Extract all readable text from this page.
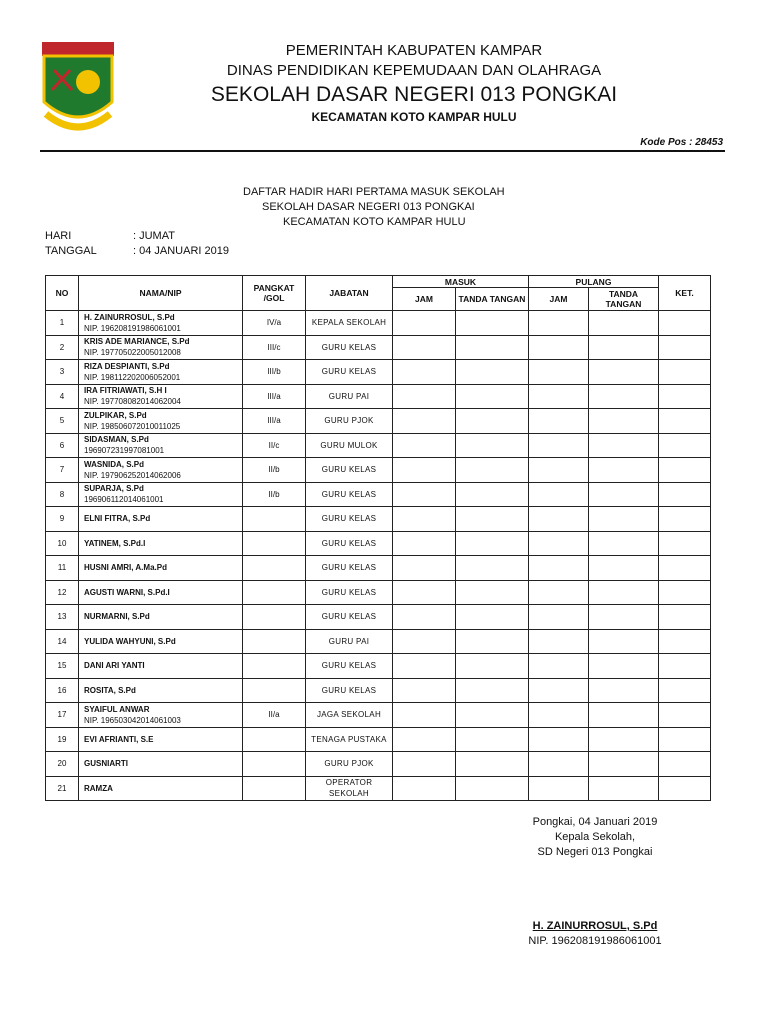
PEMERINTAH KABUPATEN KAMPAR
DINAS PENDIDIKAN KEPEMUDAAN DAN OLAHRAGA
SEKOLAH DASAR NEGERI 013 PONGKAI
KECAMATAN KOTO KAMPAR HULU
Kode Pos : 28453
DAFTAR HADIR HARI PERTAMA MASUK SEKOLAH
SEKOLAH DASAR NEGERI 013 PONGKAI
KECAMATAN KOTO KAMPAR HULU
HARI	: JUMAT
TANGGAL	: 04 JANUARI 2019
NO	NAMA/NIP	PANGKAT /GOL	JABATAN	MASUK		PULANG		KET.
				JAM	TANDA TANGAN	JAM	TANDA TANGAN	
1	H. ZAINURROSUL, S.Pd
NIP. 196208191986061001	IV/a	KEPALA SEKOLAH					
2	KRIS ADE MARIANCE, S.Pd
NIP. 197705022005012008	III/c	GURU KELAS					
3	RIZA DESPIANTI, S.Pd
NIP. 198112202006052001	III/b	GURU KELAS					
4	IRA FITRIAWATI, S.H I
NIP. 197708082014062004	III/a	GURU PAI					
5	ZULPIKAR, S.Pd
NIP. 198506072010011025	III/a	GURU PJOK					
6	SIDASMAN, S.Pd
196907231997081001	II/c	GURU MULOK					
7	WASNIDA, S.Pd
NIP. 197906252014062006	II/b	GURU KELAS					
8	SUPARJA, S.Pd
196906112014061001	II/b	GURU KELAS					
9	ELNI FITRA, S.Pd		GURU KELAS					
10	YATINEM, S.Pd.I		GURU KELAS					
11	HUSNI AMRI, A.Ma.Pd		GURU KELAS					
12	AGUSTI WARNI, S.Pd.I		GURU KELAS					
13	NURMARNI, S.Pd		GURU KELAS					
14	YULIDA WAHYUNI, S.Pd		GURU PAI					
15	DANI ARI YANTI		GURU KELAS					
16	ROSITA, S.Pd		GURU KELAS					
17	SYAIFUL ANWAR
NIP. 196503042014061003	II/a	JAGA SEKOLAH					
19	EVI AFRIANTI, S.E		TENAGA PUSTAKA					
20	GUSNIARTI		GURU PJOK					
21	RAMZA		OPERATOR SEKOLAH					
Pongkai, 04 Januari 2019
Kepala Sekolah,
SD Negeri 013 Pongkai
H. ZAINURROSUL, S.Pd
NIP. 196208191986061001
